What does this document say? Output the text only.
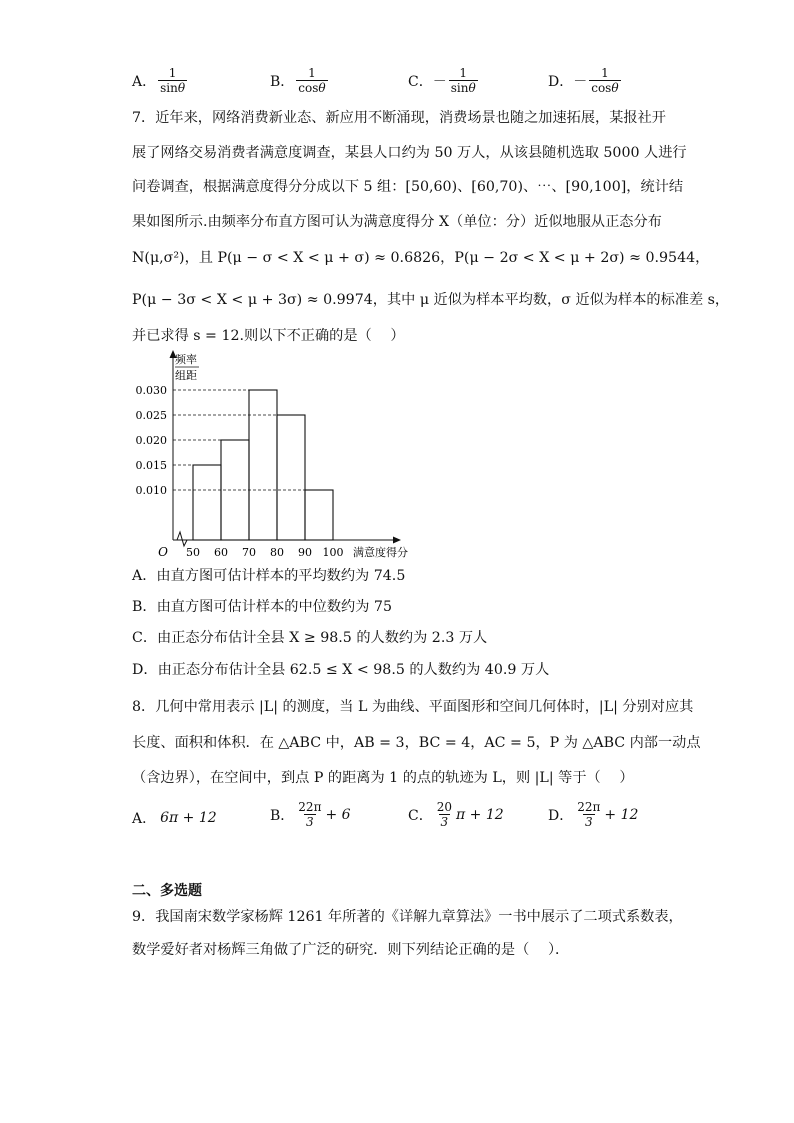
A． $\frac{1}{\sin\theta}$	B． $\frac{1}{\cos\theta}$	C． － $\frac{1}{\sin\theta}$	D． － $\frac{1}{\cos\theta}$
7．近年来，网络消费新业态、新应用不断涌现，消费场景也随之加速拓展，某报社开
展了网络交易消费者满意度调查，某县人口约为 50 万人，从该县随机选取 5000 人进行
问卷调查，根据满意度得分分成以下 5 组：[50,60)、[60,70)、⋯、[90,100]，统计结
果如图所示.由频率分布直方图可认为满意度得分 X（单位：分）近似地服从正态分布
N(μ,σ²)，且 P(μ − σ < X < μ + σ) ≈ 0.6826，P(μ − 2σ < X < μ + 2σ) ≈ 0.9544，
P(μ − 3σ < X < μ + 3σ) ≈ 0.9974，其中 μ 近似为样本平均数，σ 近似为样本的标准差 s，
并已求得 s = 12.则以下不正确的是（　 ）
0.030
0.025
0.020
0.015
0.010
50 60 70 80 90 100
O
频率
组距
满意度得分
A．由直方图可估计样本的平均数约为 74.5
B．由直方图可估计样本的中位数约为 75
C．由正态分布估计全县 X ≥ 98.5 的人数约为 2.3 万人
D．由正态分布估计全县 62.5 ≤ X < 98.5 的人数约为 40.9 万人
8．几何中常用表示 |L| 的测度，当 L 为曲线、平面图形和空间几何体时，|L| 分别对应其
长度、面积和体积．在 △ABC 中，AB = 3，BC = 4，AC = 5，P 为 △ABC 内部一动点
（含边界），在空间中，到点 P 的距离为 1 的点的轨迹为 L，则 |L| 等于（　 ）
A． 6π + 12	B． $\frac{22\pi}{3} + 6$	C． $\frac{20}{3}$ π + 12	D． $\frac{22\pi}{3} + 12$
二、多选题
9．我国南宋数学家杨辉 1261 年所著的《详解九章算法》一书中展示了二项式系数表，
数学爱好者对杨辉三角做了广泛的研究．则下列结论正确的是（　 ）．
